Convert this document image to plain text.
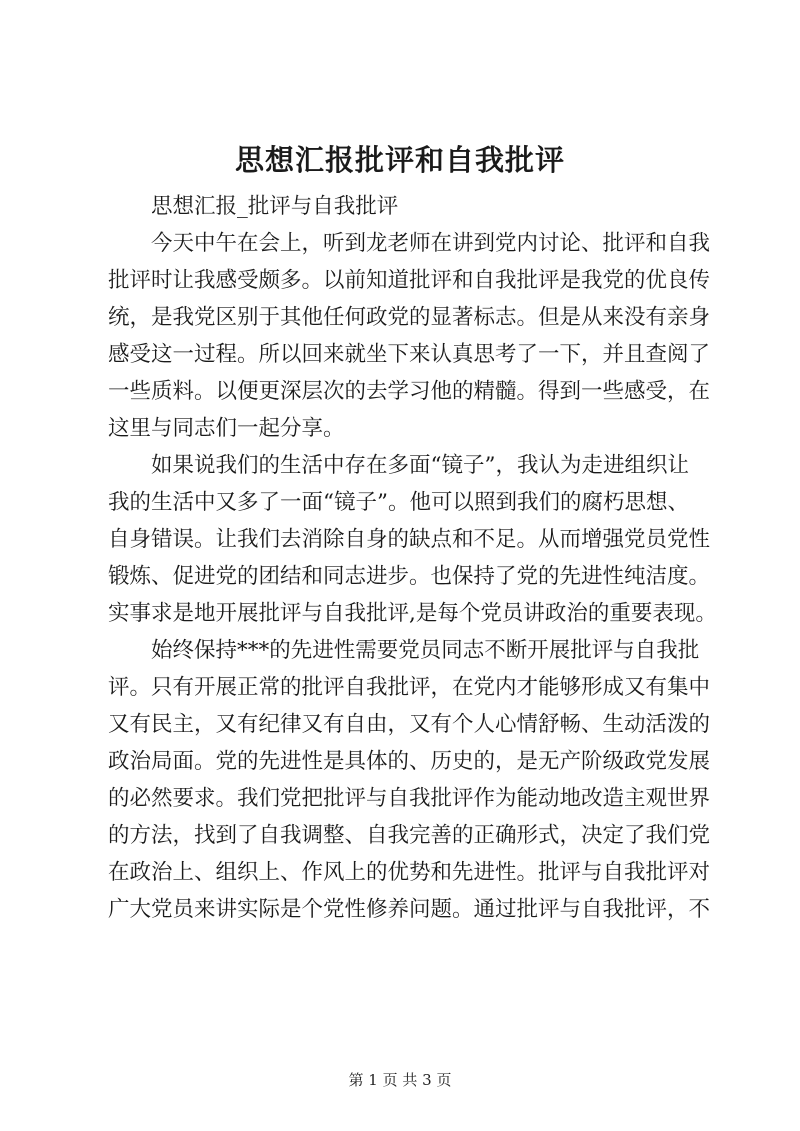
思想汇报批评和自我批评
思想汇报_批评与自我批评
今天中午在会上，听到龙老师在讲到党内讨论、批评和自我
批评时让我感受颇多。以前知道批评和自我批评是我党的优良传
统，是我党区别于其他任何政党的显著标志。但是从来没有亲身
感受这一过程。所以回来就坐下来认真思考了一下，并且查阅了
一些质料。以便更深层次的去学习他的精髓。得到一些感受，在
这里与同志们一起分享。
如果说我们的生活中存在多面“镜子”，我认为走进组织让
我的生活中又多了一面“镜子”。他可以照到我们的腐朽思想、
自身错误。让我们去消除自身的缺点和不足。从而增强党员党性
锻炼、促进党的团结和同志进步。也保持了党的先进性纯洁度。
实事求是地开展批评与自我批评,是每个党员讲政治的重要表现。
始终保持***的先进性需要党员同志不断开展批评与自我批
评。只有开展正常的批评自我批评，在党内才能够形成又有集中
又有民主，又有纪律又有自由，又有个人心情舒畅、生动活泼的
政治局面。党的先进性是具体的、历史的，是无产阶级政党发展
的必然要求。我们党把批评与自我批评作为能动地改造主观世界
的方法，找到了自我调整、自我完善的正确形式，决定了我们党
在政治上、组织上、作风上的优势和先进性。批评与自我批评对
广大党员来讲实际是个党性修养问题。通过批评与自我批评，不
第 1 页 共 3 页
